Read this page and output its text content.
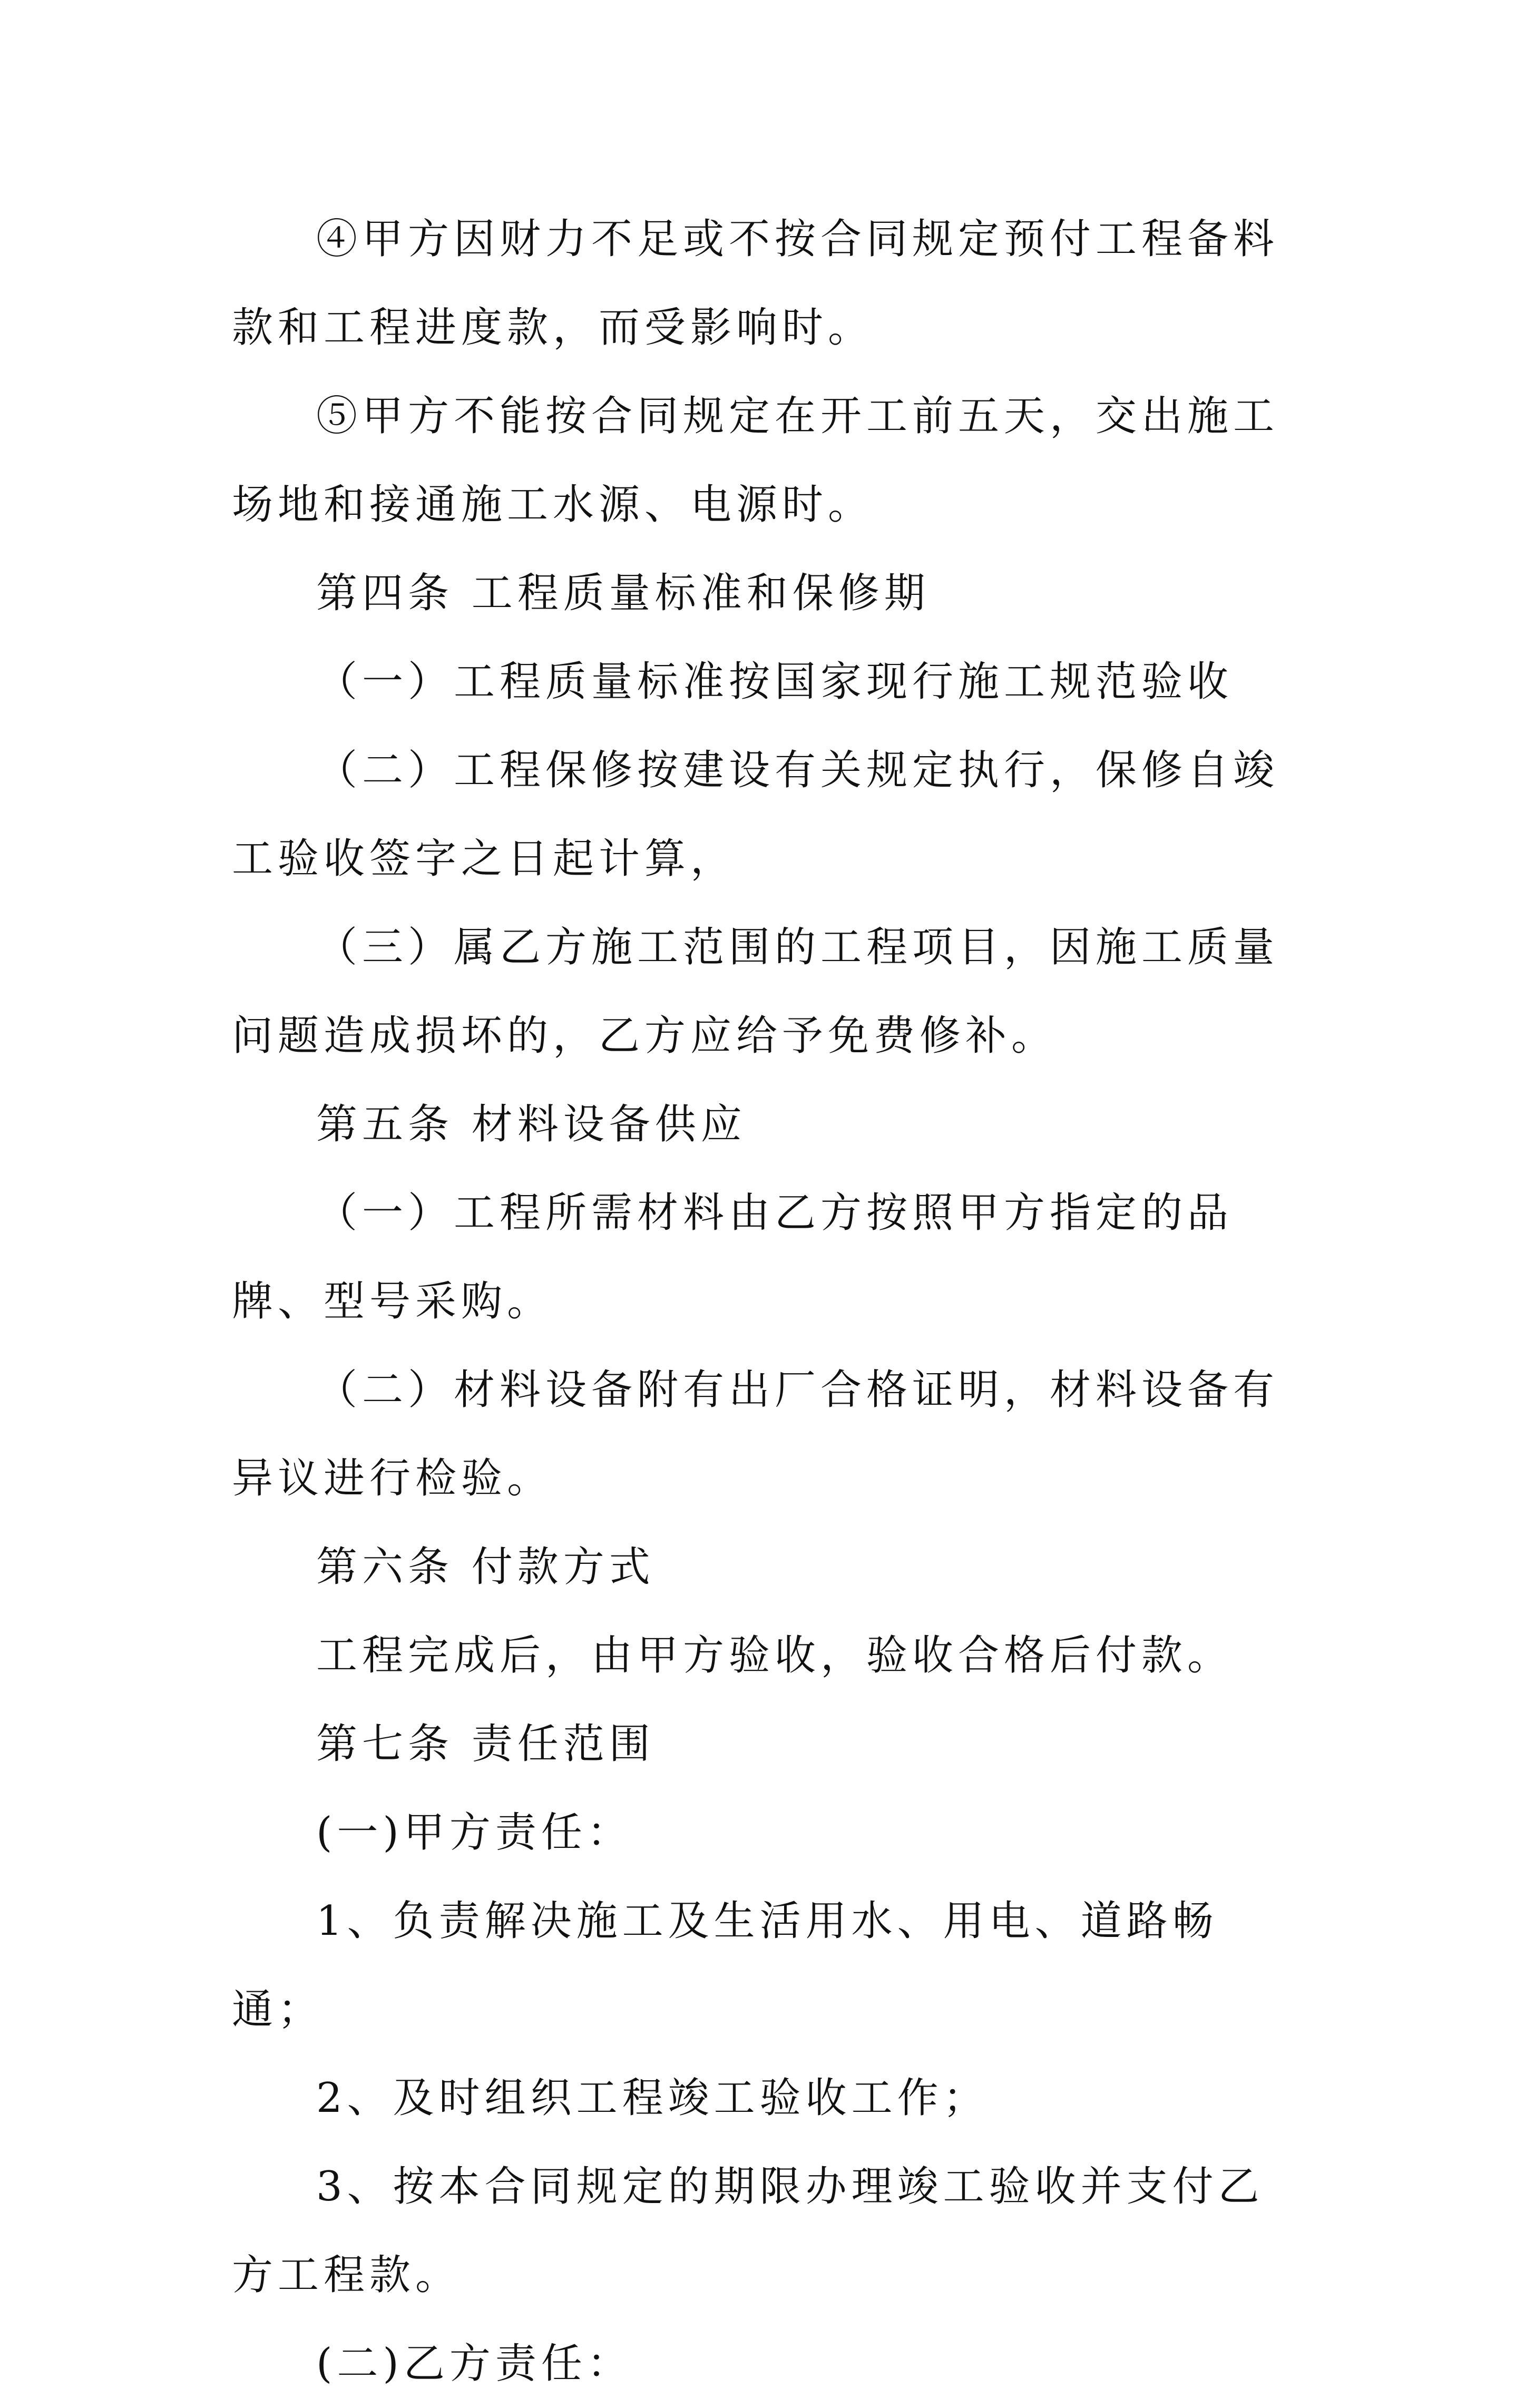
④甲方因财力不足或不按合同规定预付工程备料款和工程进度款，而受影响时。

⑤甲方不能按合同规定在开工前五天，交出施工场地和接通施工水源、电源时。

第四条 工程质量标准和保修期

（一）工程质量标准按国家现行施工规范验收

（二）工程保修按建设有关规定执行，保修自竣工验收签字之日起计算，

（三）属乙方施工范围的工程项目，因施工质量问题造成损坏的，乙方应给予免费修补。

第五条 材料设备供应

（一）工程所需材料由乙方按照甲方指定的品牌、型号采购。

（二）材料设备附有出厂合格证明，材料设备有异议进行检验。

第六条 付款方式

工程完成后，由甲方验收，验收合格后付款。

第七条 责任范围

(一)甲方责任：

1、负责解决施工及生活用水、用电、道路畅通；

2、及时组织工程竣工验收工作；

3、按本合同规定的期限办理竣工验收并支付乙方工程款。

(二)乙方责任：
